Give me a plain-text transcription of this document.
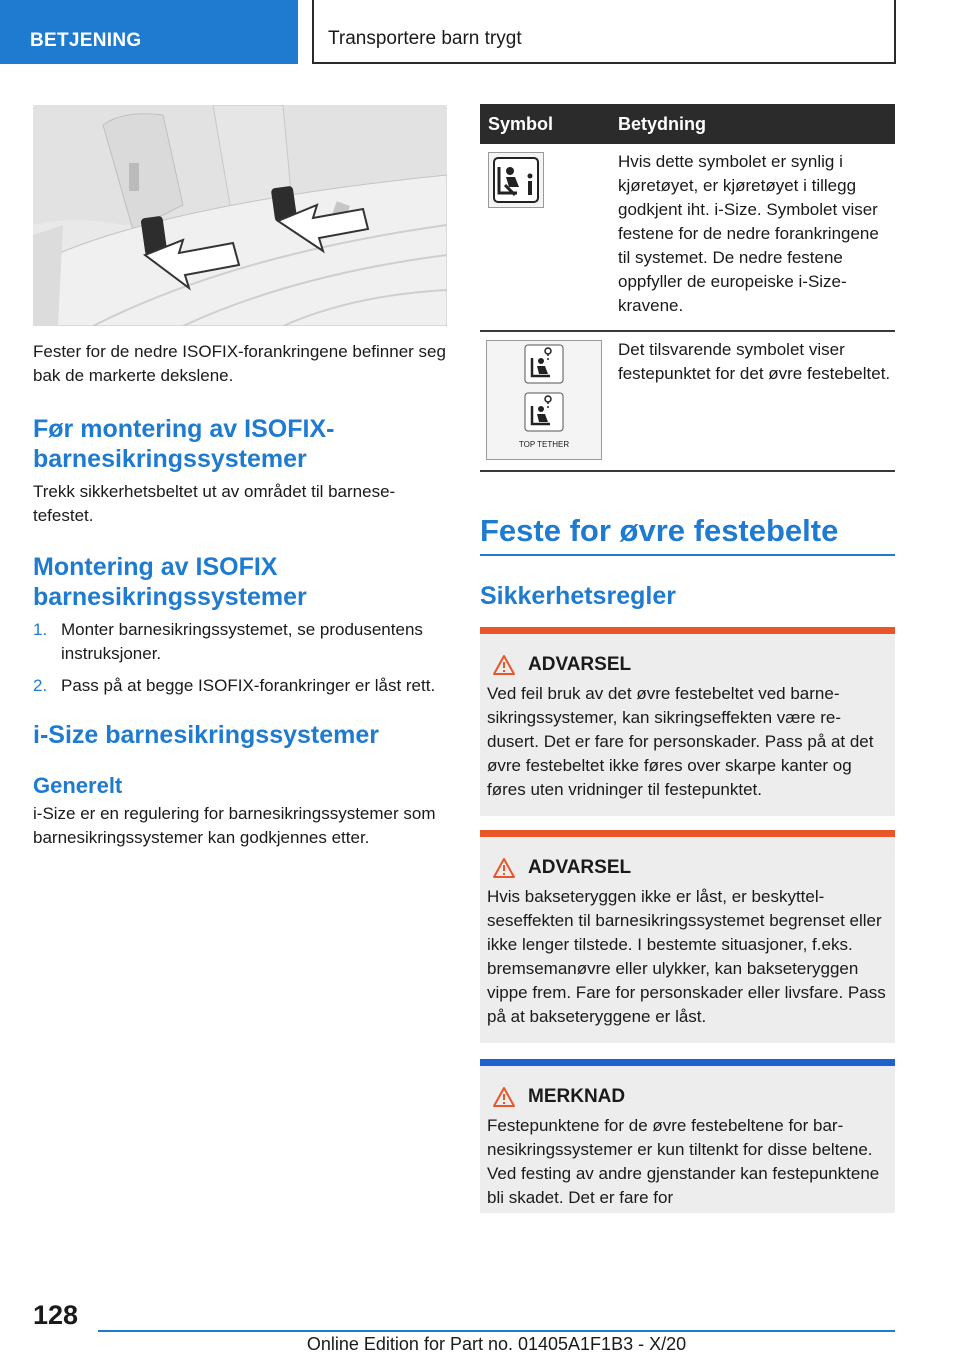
BETJENING	Transportere barn trygt

Fester for de nedre ISOFIX-forankringene befinner seg bak de markerte dekslene.

Før montering av ISOFIX-barnesikringssystemer

Trekk sikkerhetsbeltet ut av området til barnesetefestet.

Montering av ISOFIX barnesikringssystemer
1. Monter barnesikringssystemet, se produsentens instruksjoner.
2. Pass på at begge ISOFIX-forankringer er låst rett.
i-Size barnesikringssystemer
Generelt

i-Size er en regulering for barnesikringssystemer som barnesikringssystemer kan godkjennes etter.

Symbol	Betydning

	Hvis dette symbolet er synlig i kjøretøyet, er kjøretøyet i tillegg godkjent iht. i-Size. Symbolet viser festene for de nedre forankringene til systemet. De nedre festene oppfyller de europeiske i-Size-kravene.

TOP TETHER	Det tilsvarende symbolet viser festepunktet for det øvre festebeltet.
Feste for øvre festebelte
Sikkerhetsregler
ADVARSEL

Ved feil bruk av det øvre festebeltet ved barnesikringssystemer, kan sikringseffekten være redusert. Det er fare for personskader. Pass på at det øvre festebeltet ikke føres over skarpe kanter og føres uten vridninger til festepunktet.

ADVARSEL

Hvis bakseteryggen ikke er låst, er beskyttelseseffekten til barnesikringssystemet begrenset eller ikke lenger tilstede. I bestemte situasjoner, f.eks. bremsemanøvre eller ulykker, kan bakseteryggen vippe frem. Fare for personskader eller livsfare. Pass på at bakseteryggene er låst.

MERKNAD

Festepunktene for de øvre festebeltene for barnesikringssystemer er kun tiltenkt for disse beltene. Ved festing av andre gjenstander kan festepunktene bli skadet. Det er fare for

128
Online Edition for Part no. 01405A1F1B3 - X/20
